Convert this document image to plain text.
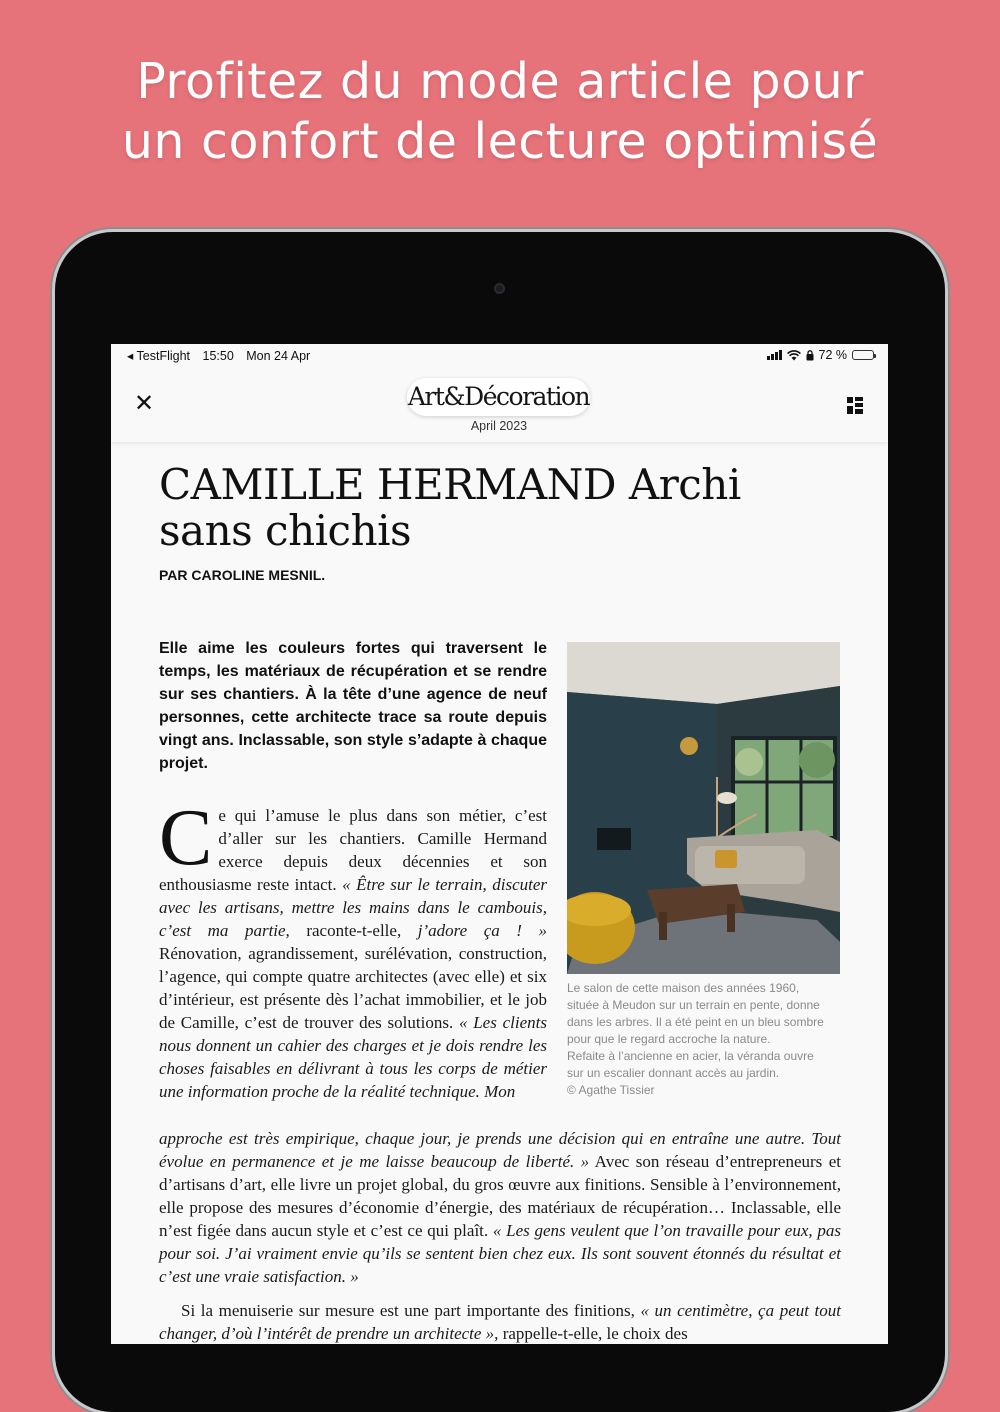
Profitez du mode article pour
un confort de lecture optimisé
◂ TestFlight 15:50 Mon 24 Apr	72 %
✕	Art&Décoration
April 2023
CAMILLE HERMAND Archi
sans chichis
PAR CAROLINE MESNIL.

Elle aime les couleurs fortes qui traversent le temps, les matériaux de récupération et se rendre sur ses chantiers. À la tête d’une agence de neuf personnes, cette architecte trace sa route depuis vingt ans. Inclassable, son style s’adapte à chaque projet.

Le salon de cette maison des années 1960,
située à Meudon sur un terrain en pente, donne
dans les arbres. Il a été peint en un bleu sombre
pour que le regard accroche la nature.
Refaite à l’ancienne en acier, la véranda ouvre
sur un escalier donnant accès au jardin.
© Agathe Tissier
Ce qui l’amuse le plus dans son métier, c’est d’aller sur les chantiers. Camille Hermand exerce depuis deux décennies et son enthousiasme reste intact. « Être sur le terrain, discuter avec les artisans, mettre les mains dans le cambouis, c’est ma partie, raconte-t-elle, j’adore ça ! » Rénovation, agrandissement, surélévation, construction, l’agence, qui compte quatre architectes (avec elle) et six d’intérieur, est présente dès l’achat immobilier, et le job de Camille, c’est de trouver des solutions. « Les clients nous donnent un cahier des charges et je dois rendre les choses faisables en délivrant à tous les corps de métier une information proche de la réalité technique. Mon
approche est très empirique, chaque jour, je prends une décision qui en entraîne une autre. Tout évolue en permanence et je me laisse beaucoup de liberté. » Avec son réseau d’entrepreneurs et d’artisans d’art, elle livre un projet global, du gros œuvre aux finitions. Sensible à l’environnement, elle propose des mesures d’économie d’énergie, des matériaux de récupération… Inclassable, elle n’est figée dans aucun style et c’est ce qui plaît. « Les gens veulent que l’on travaille pour eux, pas pour soi. J’ai vraiment envie qu’ils se sentent bien chez eux. Ils sont souvent étonnés du résultat et c’est une vraie satisfaction. »
Si la menuiserie sur mesure est une part importante des finitions, « un centimètre, ça peut tout changer, d’où l’intérêt de prendre un architecte », rappelle-t-elle, le choix des
